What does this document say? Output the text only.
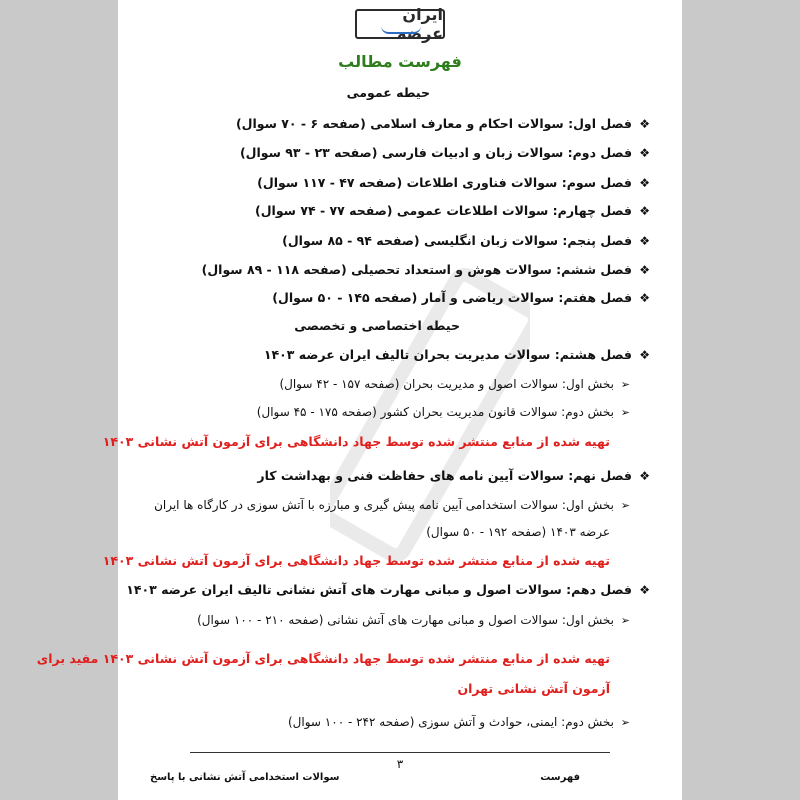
ایران عرضه
فهرست مطالب
حیطه عمومی
❖فصل اول: سوالات احکام و معارف اسلامی (صفحه ۶ - ۷۰ سوال)
❖فصل دوم: سوالات زبان و ادبیات فارسی (صفحه ۲۳ - ۹۳ سوال)
❖فصل سوم: سوالات فناوری اطلاعات (صفحه ۴۷ - ۱۱۷ سوال)
❖فصل چهارم: سوالات اطلاعات عمومی (صفحه ۷۷ - ۷۴ سوال)
❖فصل پنجم: سوالات زبان انگلیسی (صفحه ۹۴ - ۸۵ سوال)
❖فصل ششم: سوالات هوش و استعداد تحصیلی (صفحه ۱۱۸ - ۸۹ سوال)
❖فصل هفتم: سوالات ریاضی و آمار (صفحه ۱۴۵ - ۵۰ سوال)
حیطه اختصاصی و تخصصی
❖فصل هشتم: سوالات مدیریت بحران تالیف ایران عرضه ۱۴۰۳
➢بخش اول: سوالات اصول و مدیریت بحران (صفحه ۱۵۷ - ۴۲ سوال)
➢بخش دوم: سوالات قانون مدیریت بحران کشور (صفحه ۱۷۵ - ۴۵ سوال)
تهیه شده از منابع منتشر شده توسط جهاد دانشگاهی برای آزمون آتش نشانی ۱۴۰۳
❖فصل نهم: سوالات آیین نامه های حفاظت فنی و بهداشت کار
➢بخش اول: سوالات استخدامی آیین نامه پیش گیری و مبارزه با آتش سوزی در کارگاه ها ایران
عرضه ۱۴۰۳ (صفحه ۱۹۲ - ۵۰ سوال)
تهیه شده از منابع منتشر شده توسط جهاد دانشگاهی برای آزمون آتش نشانی ۱۴۰۳
❖فصل دهم: سوالات اصول و مبانی مهارت های آتش نشانی تالیف ایران عرضه ۱۴۰۳
➢بخش اول: سوالات اصول و مبانی مهارت های آتش نشانی (صفحه ۲۱۰ - ۱۰۰ سوال)
تهیه شده از منابع منتشر شده توسط جهاد دانشگاهی برای آزمون آتش نشانی ۱۴۰۳ مفید برای
آزمون آتش نشانی تهران
➢بخش دوم: ایمنی، حوادث و آتش سوزی (صفحه ۲۴۲ - ۱۰۰ سوال)
۳
فهرست
سوالات استخدامی آتش نشانی با پاسخ
